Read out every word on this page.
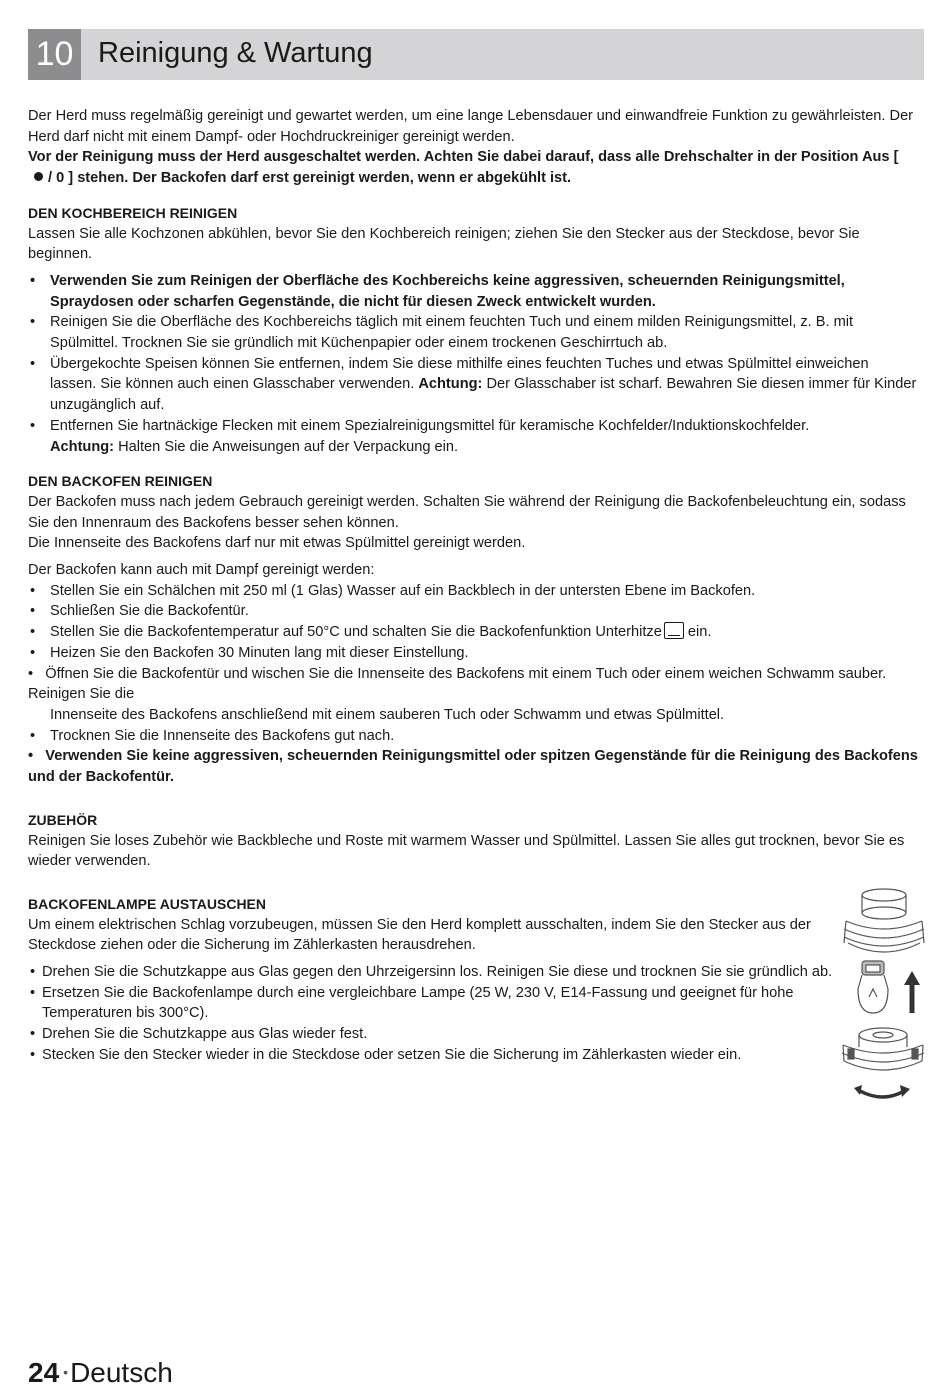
10 Reinigung & Wartung

Der Herd muss regelmäßig gereinigt und gewartet werden, um eine lange Lebensdauer und einwandfreie Funktion zu gewährleisten. Der Herd darf nicht mit einem Dampf- oder Hochdruckreiniger gereinigt werden.

Vor der Reinigung muss der Herd ausgeschaltet werden. Achten Sie dabei darauf, dass alle Drehschalter in der Position Aus [/ 0 ] stehen. Der Backofen darf erst gereinigt werden, wenn er abgekühlt ist.

DEN KOCHBEREICH REINIGEN

Lassen Sie alle Kochzonen abkühlen, bevor Sie den Kochbereich reinigen; ziehen Sie den Stecker aus der Steckdose, bevor Sie beginnen.

• Verwenden Sie zum Reinigen der Oberfläche des Kochbereichs keine aggressiven, scheuernden Reinigungsmittel, Spraydosen oder scharfen Gegenstände, die nicht für diesen Zweck entwickelt wurden.
• Reinigen Sie die Oberfläche des Kochbereichs täglich mit einem feuchten Tuch und einem milden Reinigungsmittel, z. B. mit Spülmittel. Trocknen Sie sie gründlich mit Küchenpapier oder einem trockenen Geschirrtuch ab.
• Übergekochte Speisen können Sie entfernen, indem Sie diese mithilfe eines feuchten Tuches und etwas Spülmittel einweichen lassen. Sie können auch einen Glasschaber verwenden. Achtung: Der Glasschaber ist scharf. Bewahren Sie diesen immer für Kinder unzugänglich auf.
• Entfernen Sie hartnäckige Flecken mit einem Spezialreinigungsmittel für keramische Kochfelder/Induktionskochfelder.
Achtung: Halten Sie die Anweisungen auf der Verpackung ein.

DEN BACKOFEN REINIGEN

Der Backofen muss nach jedem Gebrauch gereinigt werden. Schalten Sie während der Reinigung die Backofenbeleuchtung ein, sodass Sie den Innenraum des Backofens besser sehen können.

Die Innenseite des Backofens darf nur mit etwas Spülmittel gereinigt werden.

Der Backofen kann auch mit Dampf gereinigt werden:

• Stellen Sie ein Schälchen mit 250 ml (1 Glas) Wasser auf ein Backblech in der untersten Ebene im Backofen.
• Schließen Sie die Backofentür.
• Stellen Sie die Backofentemperatur auf 50°C und schalten Sie die Backofenfunktion Unterhitze ein.
• Heizen Sie den Backofen 30 Minuten lang mit dieser Einstellung.

•   Öffnen Sie die Backofentür und wischen Sie die Innenseite des Backofens mit einem Tuch oder einem weichen Schwamm sauber. Reinigen Sie die

Innenseite des Backofens anschließend mit einem sauberen Tuch oder Schwamm und etwas Spülmittel.

• Trocknen Sie die Innenseite des Backofens gut nach.

•   Verwenden Sie keine aggressiven, scheuernden Reinigungsmittel oder spitzen Gegenstände für die Reinigung des Backofens und der Backofentür.

ZUBEHÖR

Reinigen Sie loses Zubehör wie Backbleche und Roste mit warmem Wasser und Spülmittel. Lassen Sie alles gut trocknen, bevor Sie es wieder verwenden.

BACKOFENLAMPE AUSTAUSCHEN

Um einem elektrischen Schlag vorzubeugen, müssen Sie den Herd komplett ausschalten, indem Sie den Stecker aus der Steckdose ziehen oder die Sicherung im Zählerkasten herausdrehen.

• Drehen Sie die Schutzkappe aus Glas gegen den Uhrzeigersinn los. Reinigen Sie diese und trocknen Sie sie gründlich ab.
• Ersetzen Sie die Backofenlampe durch eine vergleichbare Lampe (25 W, 230 V, E14-Fassung und geeignet für hohe Temperaturen bis 300°C).
• Drehen Sie die Schutzkappe aus Glas wieder fest.
• Stecken Sie den Stecker wieder in die Steckdose oder setzen Sie die Sicherung im Zählerkasten wieder ein.
24 •Deutsch
